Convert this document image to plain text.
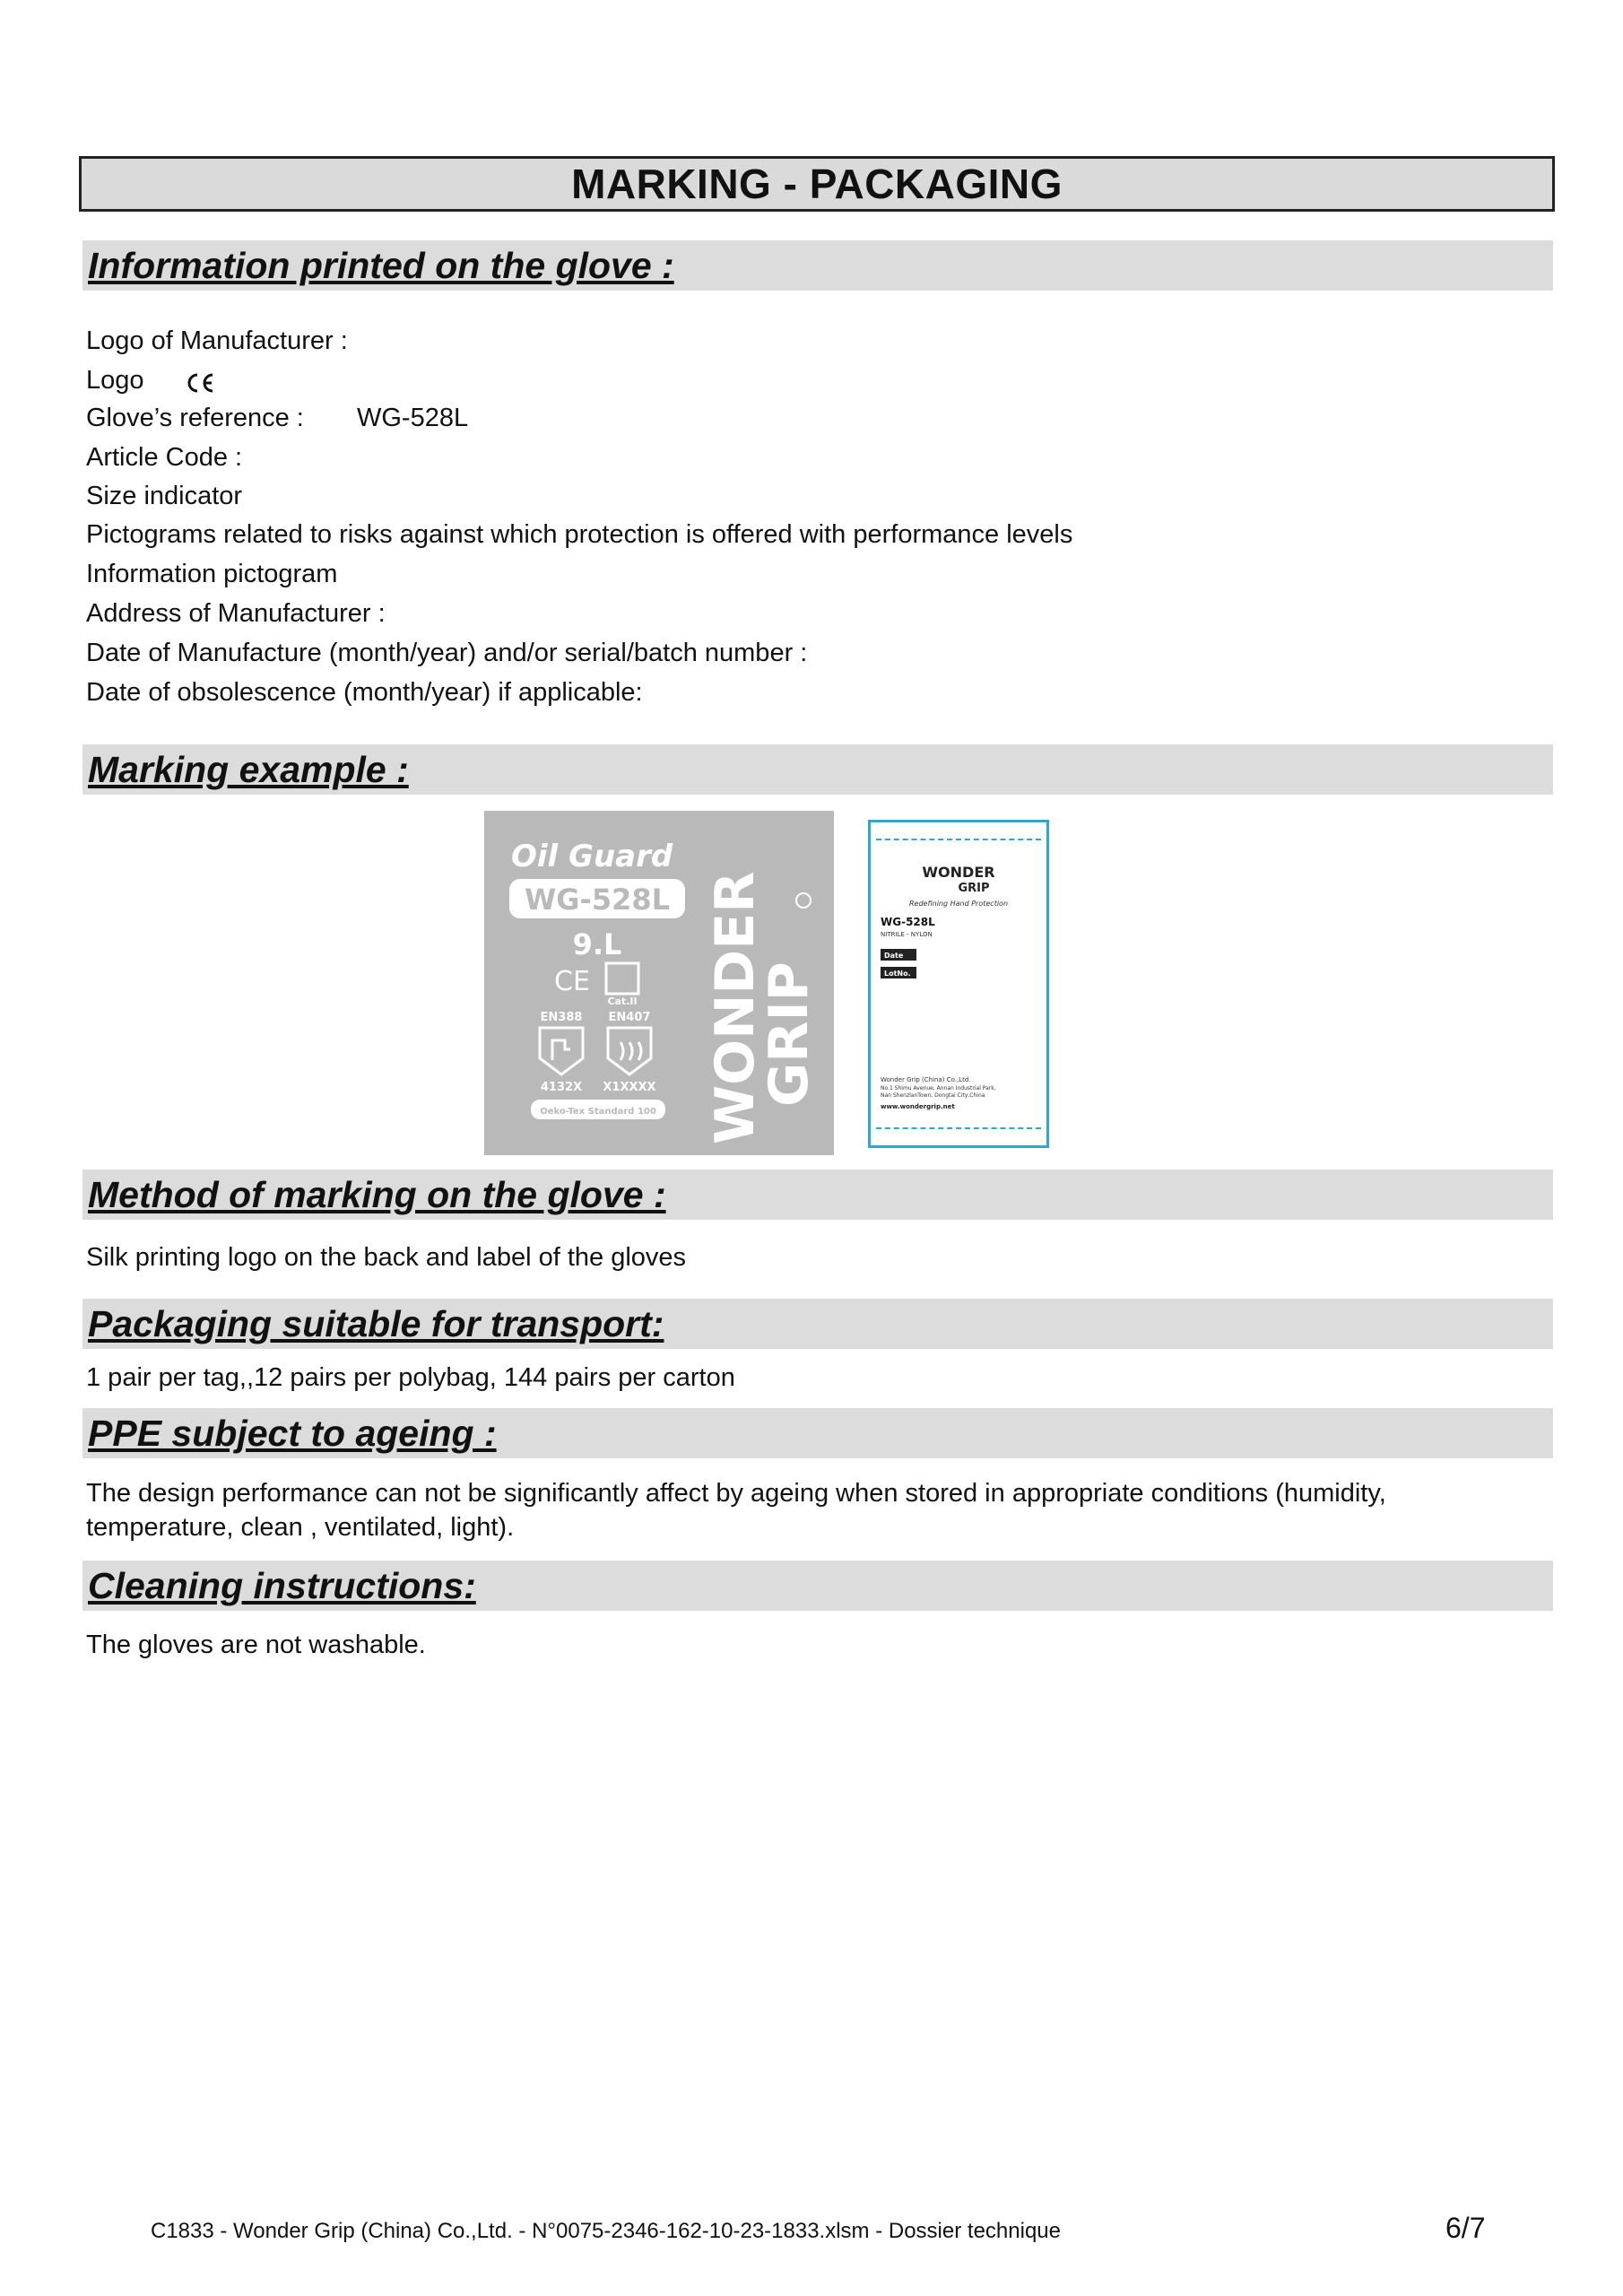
MARKING - PACKAGING
Information printed on the glove :
Logo of Manufacturer :
Logo
Glove’s reference : WG-528L
Article Code :
Size indicator
Pictograms related to risks against which protection is offered with performance levels
Information pictogram
Address of Manufacturer :
Date of Manufacture (month/year) and/or serial/batch number :
Date of obsolescence (month/year) if applicable:
Marking example :
Oil Guard
WG-528L
9.L
CE
Cat.II
EN388 EN407
4132X X1XXXX
Oeko-Tex Standard 100 WONDER
GRIP
WONDER
GRIP
Redefining Hand Protection
WG-528L
NITRILE - NYLON
Date
LotNo.
Wonder Grip (China) Co.,Ltd.
No.1 Shimu Avenue, Annan Industrial Park,
Nan ShenzlanTown, Dongtai City,China
www.wondergrip.net
Method of marking on the glove :
Silk printing logo on the back and label of the gloves
Packaging suitable for transport:
1 pair per tag,,12 pairs per polybag, 144 pairs per carton
PPE subject to ageing :
The design performance can not be significantly affect by ageing when stored in appropriate conditions (humidity, temperature, clean , ventilated, light).
Cleaning instructions:
The gloves are not washable.
C1833 - Wonder Grip (China) Co.,Ltd. - N°0075-2346-162-10-23-1833.xlsm - Dossier technique	6/7
